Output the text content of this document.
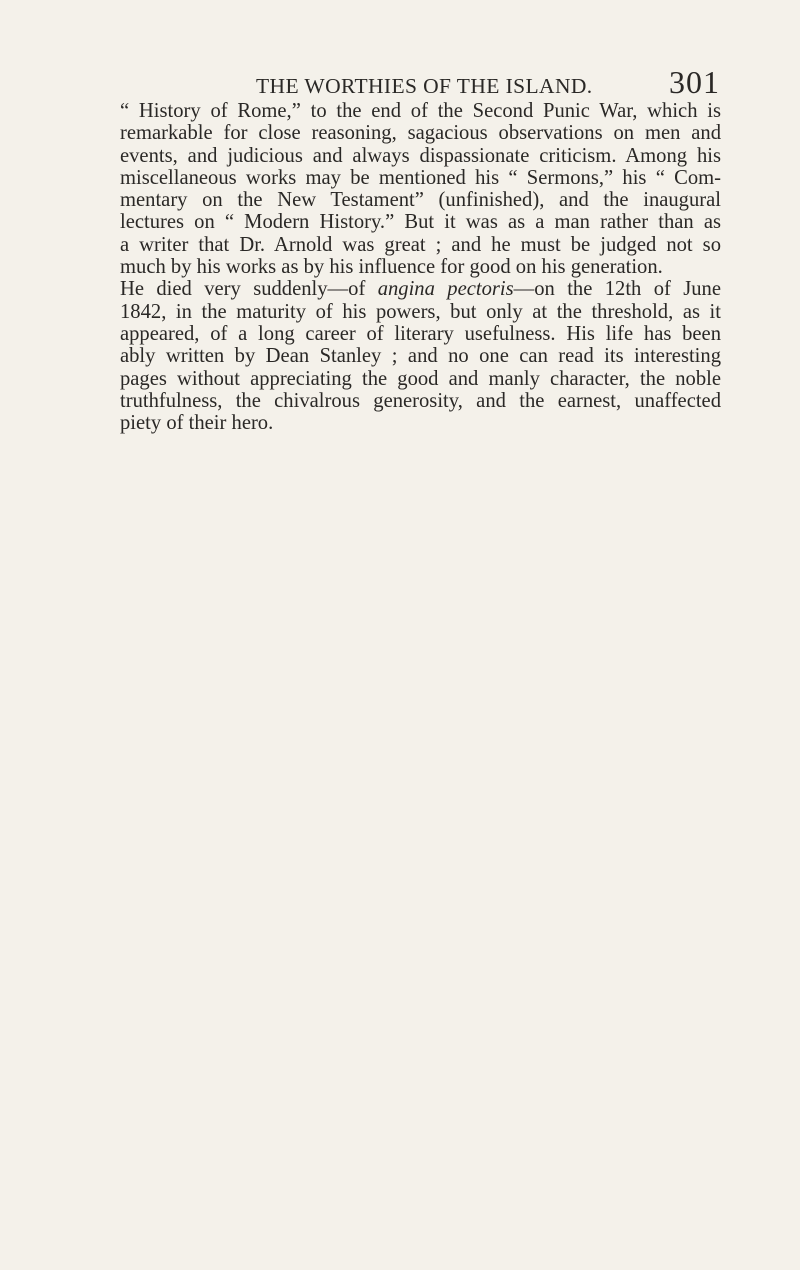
THE WORTHIES OF THE ISLAND. 301

“ History of Rome,” to the end of the Second Punic War, which is
remarkable for close reasoning, sagacious observations on men and
events, and judicious and always dispassionate criticism. Among his
miscellaneous works may be mentioned his “ Sermons,” his “ Com-
mentary on the New Testament” (unfinished), and the inaugural
lectures on “ Modern History.” But it was as a man rather than as
a writer that Dr. Arnold was great ; and he must be judged not so
much by his works as by his influence for good on his generation.

He died very suddenly—of angina pectoris—on the 12th of June
1842, in the maturity of his powers, but only at the threshold, as it
appeared, of a long career of literary usefulness. His life has been
ably written by Dean Stanley ; and no one can read its interesting
pages without appreciating the good and manly character, the noble
truthfulness, the chivalrous generosity, and the earnest, unaffected
piety of their hero.
